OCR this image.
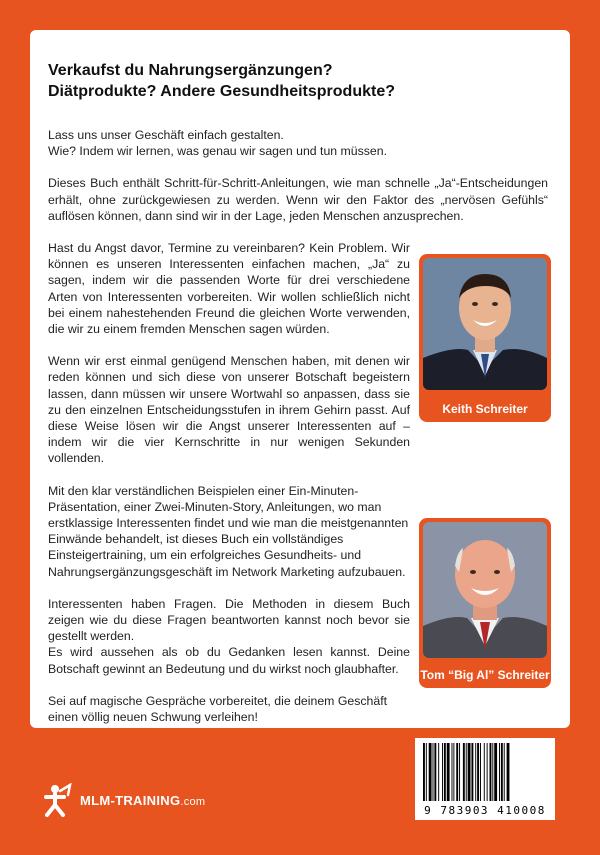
Verkaufst du Nahrungsergänzungen?
Diätprodukte? Andere Gesundheitsprodukte?

Lass uns unser Geschäft einfach gestalten.
Wie? Indem wir lernen, was genau wir sagen und tun müssen.

Dieses Buch enthält Schritt-für-Schritt-Anleitungen, wie man schnelle „Ja“-Entscheidungen erhält, ohne zurückgewiesen zu werden. Wenn wir den Faktor des „nervösen Gefühls“ auflösen können, dann sind wir in der Lage, jeden Menschen anzusprechen.

Hast du Angst davor, Termine zu vereinbaren? Kein Problem. Wir können es unseren Interessenten einfachen machen, „Ja“ zu sagen, indem wir die passenden Worte für drei verschiedene Arten von Interessenten vorbereiten. Wir wollen schließlich nicht bei einem nahestehenden Freund die gleichen Worte verwenden, die wir zu einem fremden Menschen sagen würden.

Wenn wir erst einmal genügend Menschen haben, mit denen wir reden können und sich diese von unserer Botschaft begeistern lassen, dann müssen wir unsere Wortwahl so anpassen, dass sie zu den einzelnen Entscheidungsstufen in ihrem Gehirn passt. Auf diese Weise lösen wir die Angst unserer Interessenten auf – indem wir die vier Kernschritte in nur wenigen Sekunden vollenden.

Mit den klar verständlichen Beispielen einer Ein-Minuten-Präsentation, einer Zwei-Minuten-Story, Anleitungen, wo man erstklassige Interessenten findet und wie man die meistgenannten Einwände behandelt, ist dieses Buch ein vollständiges Einsteigertraining, um ein erfolgreiches Gesundheits- und Nahrungsergänzungsgeschäft im Network Marketing aufzubauen.

Interessenten haben Fragen. Die Methoden in diesem Buch zeigen wie du diese Fragen beantworten kannst noch bevor sie gestellt werden.
Es wird aussehen als ob du Gedanken lesen kannst. Deine Botschaft gewinnt an Bedeutung und du wirkst noch glaubhafter.

Sei auf magische Gespräche vorbereitet, die deinem Geschäft einen völlig neuen Schwung verleihen!

Keith Schreiter
Tom “Big Al” Schreiter
MLM-TRAINING.com
9 783903 410008
